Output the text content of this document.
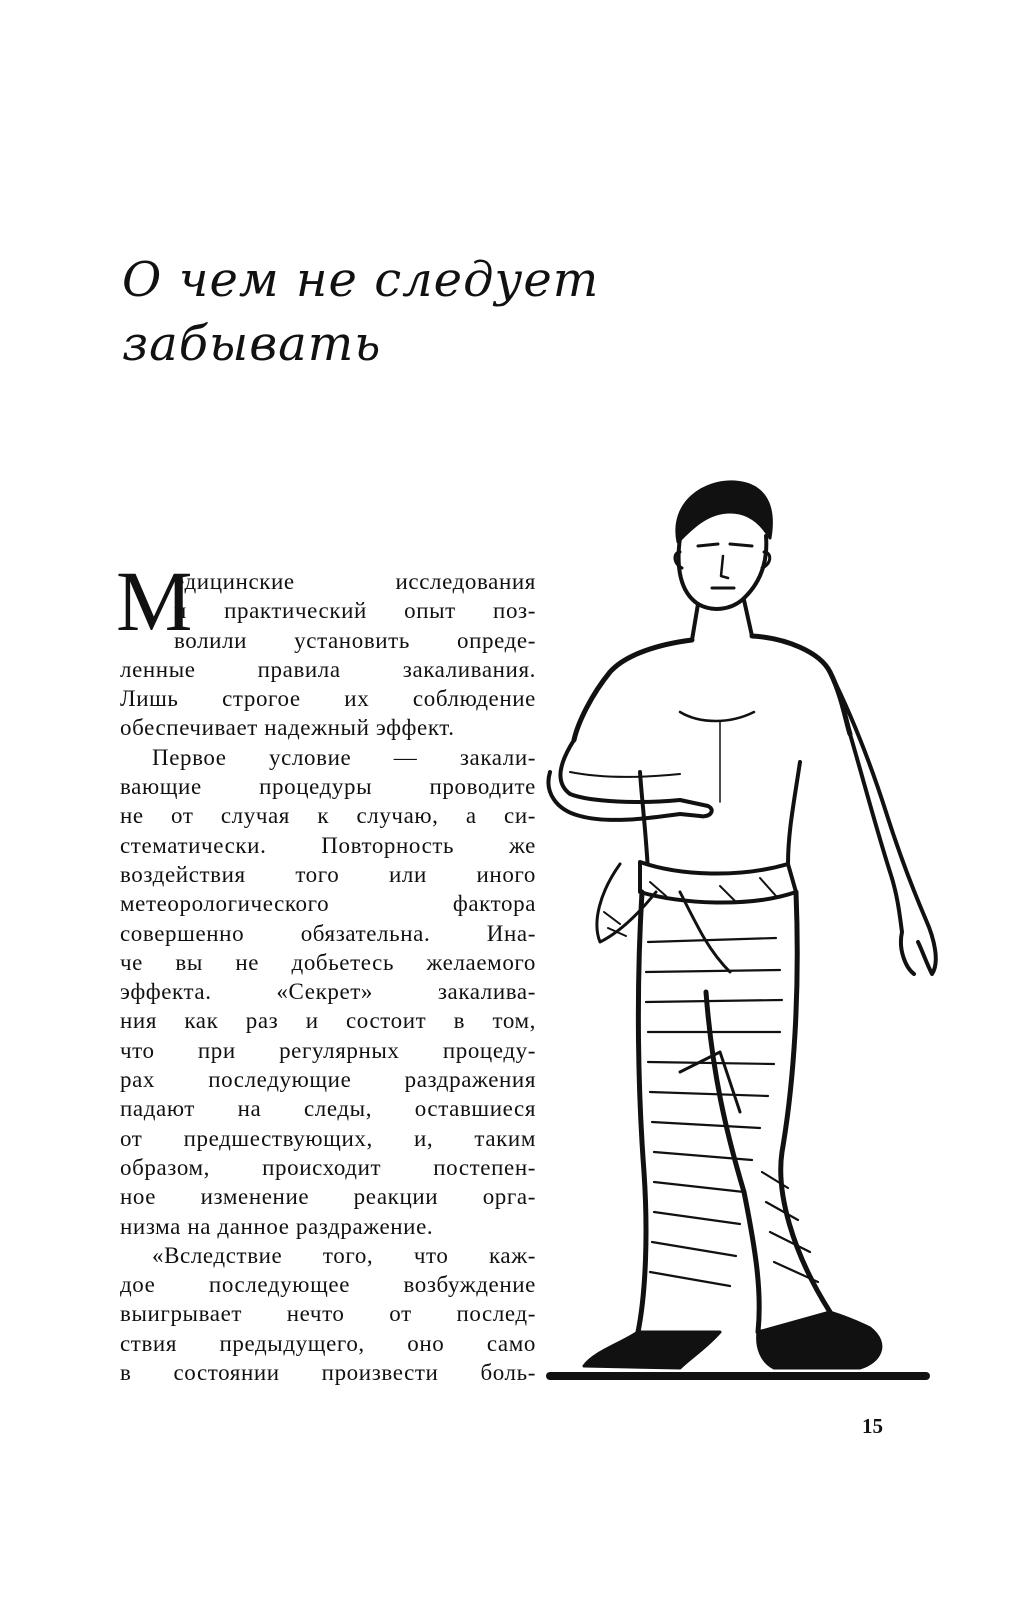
О чем не следует
забывать
М
едицинские исследования
и практический опыт поз-
волили установить опреде-
ленные правила закаливания.
Лишь строгое их соблюдение
обеспечивает надежный эффект.
Первое условие — закали-
вающие процедуры проводите
не от случая к случаю, а си-
стематически. Повторность же
воздействия того или иного
метеорологического фактора
совершенно обязательна. Ина-
че вы не добьетесь желаемого
эффекта. «Секрет» закалива-
ния как раз и состоит в том,
что при регулярных процеду-
рах последующие раздражения
падают на следы, оставшиеся
от предшествующих, и, таким
образом, происходит постепен-
ное изменение реакции орга-
низма на данное раздражение.
«Вследствие того, что каж-
дое последующее возбуждение
выигрывает нечто от послед-
ствия предыдущего, оно само
в состоянии произвести боль-
15
